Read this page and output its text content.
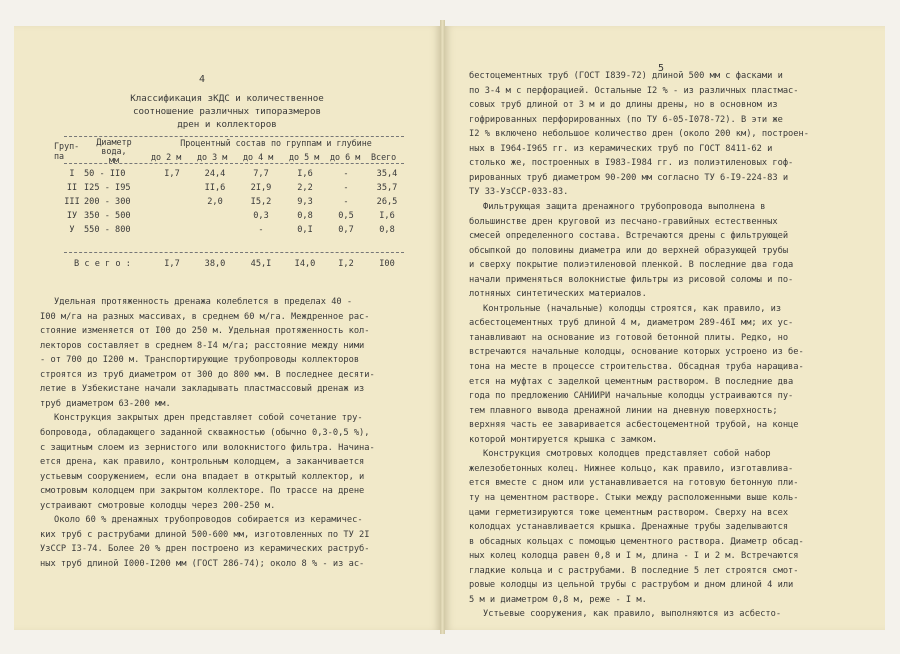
4
Классификация зКДС и количественное
соотношение различных типоразмеров
дрен и коллекторов
Груп-па
Диаметр
вода,
мм
Процентный состав по группам и глубине
до 2 м до 3 м до 4 м до 5 м до 6 м Всего
I	50 - II0	I,7	24,4	7,7	I,6	-	35,4
II	I25 - I95		II,6	2I,9	2,2	-	35,7
III	200 - 300		2,0	I5,2	9,3	-	26,5
IУ	350 - 500			0,3	0,8	0,5	I,6
У	550 - 800			-	0,I	0,7	0,8

В с е г о :		I,7	38,0	45,I	I4,0	I,2	I00
Удельная протяженность дренажа колеблется в пределах 40 -
I00 м/га на разных массивах, в среднем 60 м/га. Междренное рас-
стояние изменяется от I00 до 250 м. Удельная протяженность кол-
лекторов составляет в среднем 8-I4 м/га; расстояние между ними
- от 700 до I200 м. Транспортирующие трубопроводы коллекторов
строятся из труб диаметром от 300 до 800 мм. В последнее десяти-
летие в Узбекистане начали закладывать пластмассовый дренаж из
труб диаметром 63-200 мм.
Конструкция закрытых дрен представляет собой сочетание тру-
бопровода, обладающего заданной скважностью (обычно 0,3-0,5 %),
с защитным слоем из зернистого или волокнистого фильтра. Начина-
ется дрена, как правило, контрольным колодцем, а заканчивается
устьевым сооружением, если она впадает в открытый коллектор, и
смотровым колодцем при закрытом коллекторе. По трассе на дрене
устраивают смотровые колодцы через 200-250 м.
Около 60 % дренажных трубопроводов собирается из керамичес-
ких труб с раструбами длиной 500-600 мм, изготовленных по ТУ 2I
УзССР I3-74. Более 20 % дрен построено из керамических раструб-
ных труб длиной I000-I200 мм (ГОСТ 286-74); около 8 % - из ас-
5
бестоцементных труб (ГОСТ I839-72) длиной 500 мм с фасками и
по 3-4 м с перфорацией. Остальные I2 % - из различных пластмас-
совых труб длиной от 3 м и до длины дрены, но в основном из
гофрированных перфорированных (по ТУ 6-05-I078-72). В эти же
I2 % включено небольшое количество дрен (около 200 км), построен-
ных в I964-I965 гг. из керамических труб по ГОСТ 8411-62 и
столько же, построенных в I983-I984 гг. из полиэтиленовых гоф-
рированных труб диаметром 90-200 мм согласно ТУ 6-I9-224-83 и
ТУ 33-УзССР-033-83.
Фильтрующая защита дренажного трубопровода выполнена в
большинстве дрен круговой из песчано-гравийных естественных
смесей определенного состава. Встречаются дрены с фильтрующей
обсыпкой до половины диаметра или до верхней образующей трубы
и сверху покрытие полиэтиленовой пленкой. В последние два года
начали применяться волокнистые фильтры из рисовой соломы и по-
лотняных синтетических материалов.
Контрольные (начальные) колодцы строятся, как правило, из
асбестоцементных труб длиной 4 м, диаметром 289-46I мм; их ус-
танавливают на основание из готовой бетонной плиты. Редко, но
встречаются начальные колодцы, основание которых устроено из бе-
тона на месте в процессе строительства. Обсадная труба наращива-
ется на муфтах с заделкой цементным раствором. В последние два
года по предложению САНИИРИ начальные колодцы устраиваются пу-
тем плавного вывода дренажной линии на дневную поверхность;
верхняя часть ее заваривается асбестоцементной трубой, на конце
которой монтируется крышка с замком.
Конструкция смотровых колодцев представляет собой набор
железобетонных колец. Нижнее кольцо, как правило, изготавлива-
ется вместе с дном или устанавливается на готовую бетонную пли-
ту на цементном растворе. Стыки между расположенными выше коль-
цами герметизируются тоже цементным раствором. Сверху на всех
колодцах устанавливается крышка. Дренажные трубы заделываются
в обсадных кольцах с помощью цементного раствора. Диаметр обсад-
ных колец колодца равен 0,8 и I м, длина - I и 2 м. Встречаются
гладкие кольца и с раструбами. В последние 5 лет строятся смот-
ровые колодцы из цельной трубы с раструбом и дном длиной 4 или
5 м и диаметром 0,8 м, реже - I м.
Устьевые сооружения, как правило, выполняются из асбесто-
